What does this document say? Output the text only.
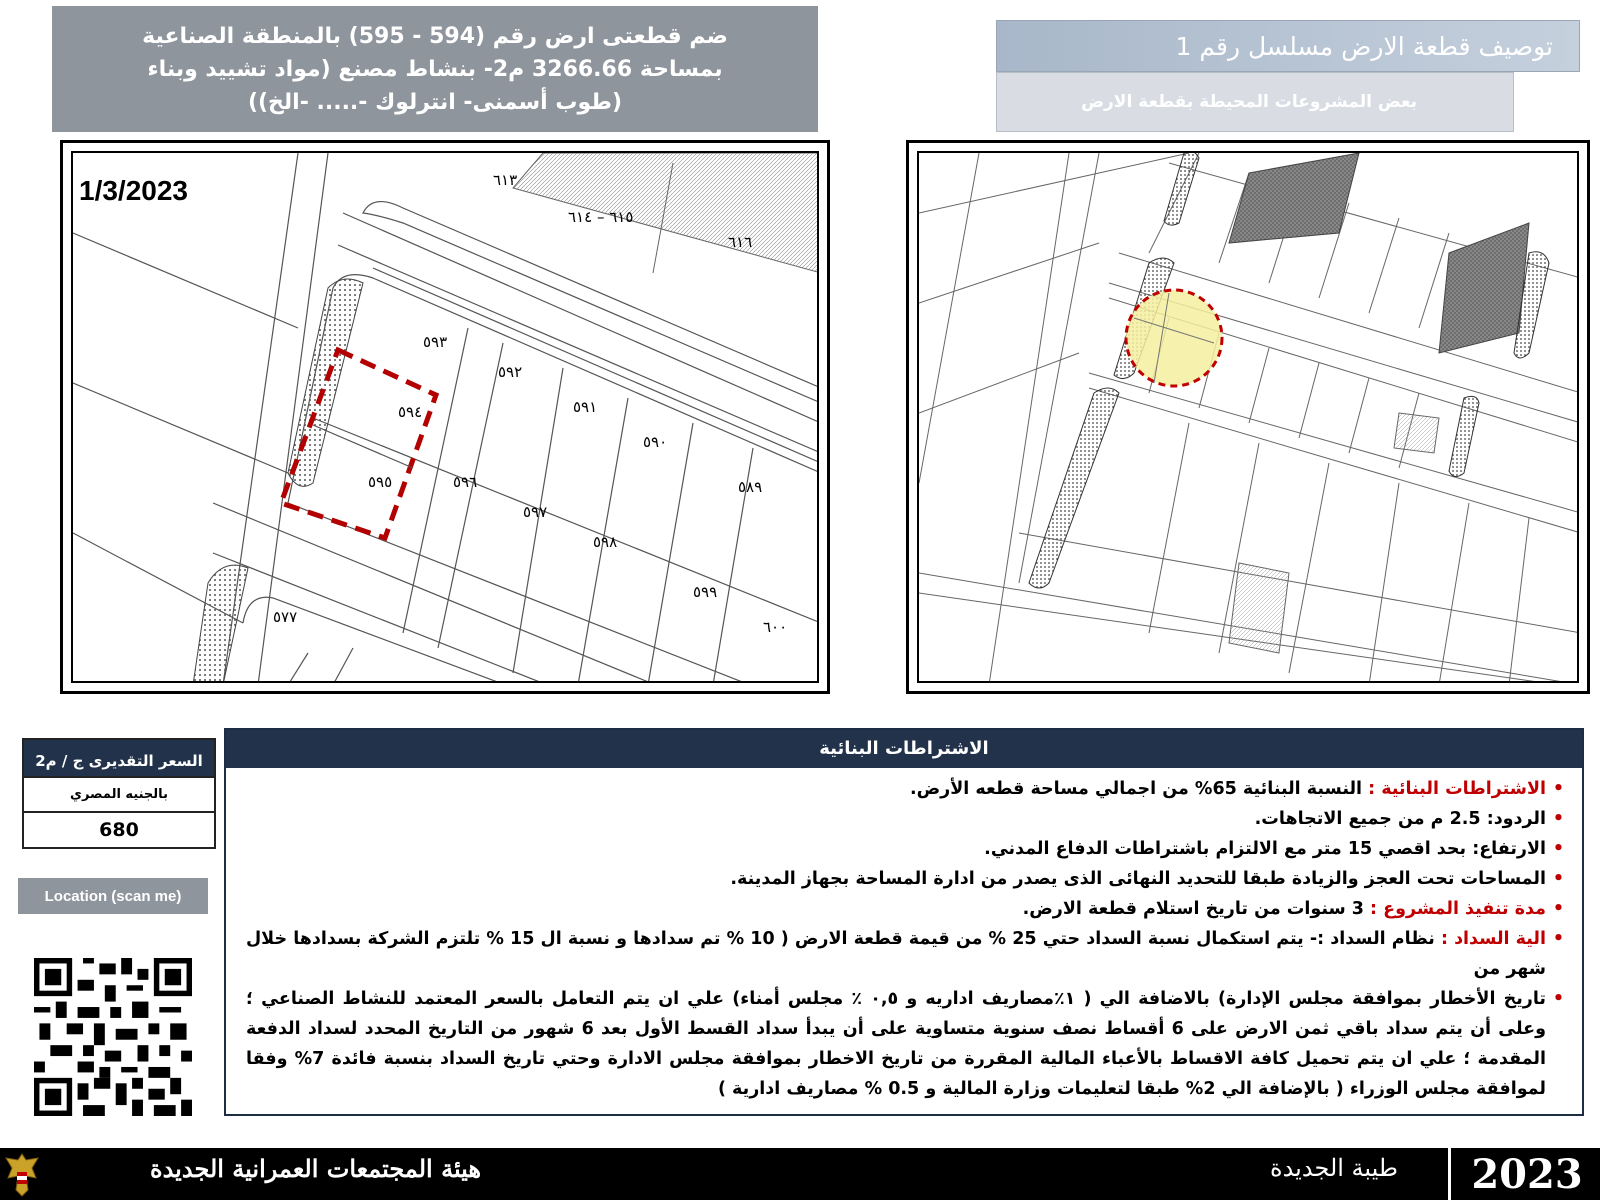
ضم قطعتى ارض رقم (594 - 595) بالمنطقة الصناعية
بمساحة 3266.66 م2- بنشاط مصنع (مواد تشييد وبناء
(طوب أسمنى- انترلوك -..... -الخ))
توصيف قطعة الارض مسلسل رقم 1
بعض المشروعات المحيطة بقطعة الارض
٦١٣
٦١٥ – ٦١٤
٦١٦
٥٩٣
٥٩٢
٥٩٤	٥٩١
٥٩٠
٥٩٥	٥٩٦
٥٩٧
٥٨٩
٥٩٨
٥٩٩
٥٧٧
٦٠٠
1/3/2023
السعر التقديرى ج / م2
بالجنيه المصري
680
Location (scan me)
الاشتراطات البنائية
• الاشتراطات البنائية : النسبة البنائية 65% من اجمالي مساحة قطعه الأرض.
• الردود: 2.5 م من جميع الاتجاهات.
• الارتفاع: بحد اقصي 15 متر مع الالتزام باشتراطات الدفاع المدني.
• المساحات تحت العجز والزيادة طبقا للتحديد النهائى الذى يصدر من ادارة المساحة بجهاز المدينة.
• مدة تنفيذ المشروع : 3 سنوات من تاريخ استلام قطعة الارض.
• الية السداد : نظام السداد :- يتم استكمال نسبة السداد حتي 25 % من قيمة قطعة الارض ( 10 % تم سدادها و نسبة ال 15 % تلتزم الشركة بسدادها خلال شهر من
• تاريخ الأخطار بموافقة مجلس الإدارة) بالاضافة الي ( ١٪مصاريف اداريه و ٠,٥ ٪ مجلس أمناء) علي ان يتم التعامل بالسعر المعتمد للنشاط الصناعي ؛ وعلى أن يتم سداد باقي ثمن الارض على 6 أقساط نصف سنوية متساوية على أن يبدأ سداد القسط الأول بعد 6 شهور من التاريخ المحدد لسداد الدفعة المقدمة ؛ علي ان يتم تحميل كافة الاقساط بالأعباء المالية المقررة من تاريخ الاخطار بموافقة مجلس الادارة وحتي تاريخ السداد بنسبة فائدة 7% وفقا لموافقة مجلس الوزراء ( بالإضافة الي 2% طبقا لتعليمات وزارة المالية و 0.5 % مصاريف ادارية )
هيئة المجتمعات العمرانية الجديدة	طيبة الجديدة	2023
